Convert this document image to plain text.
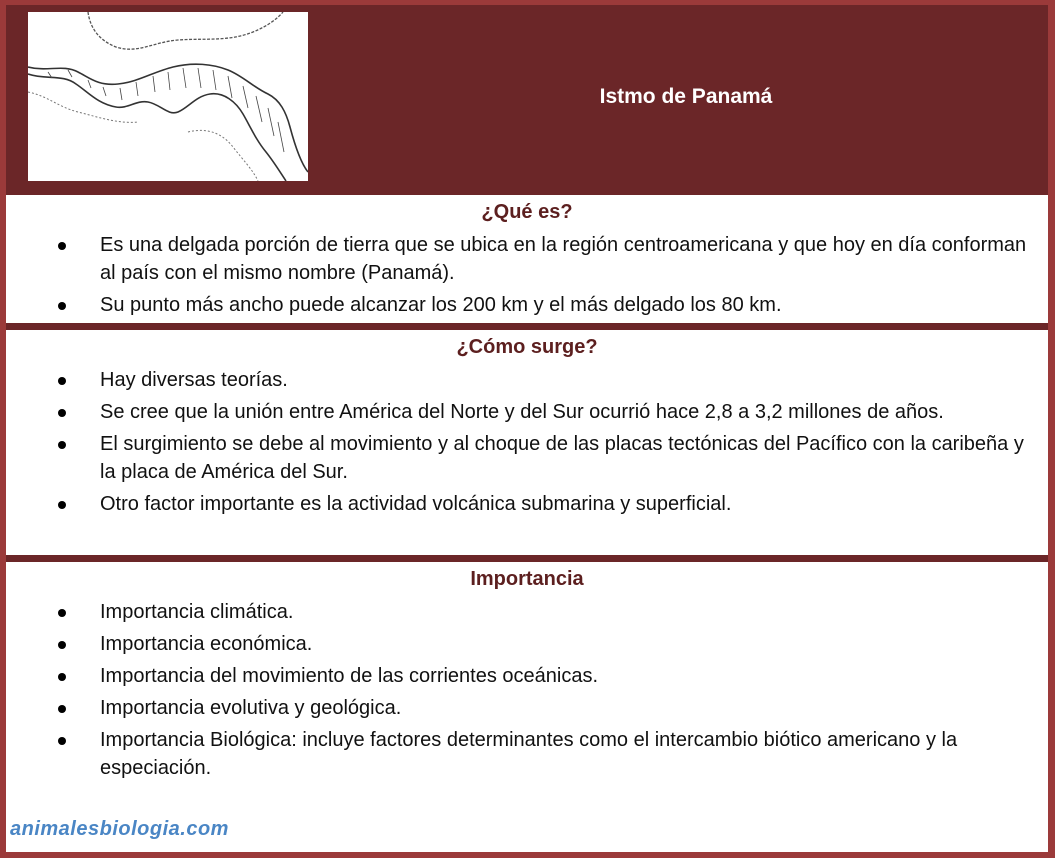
Istmo de Panamá
¿Qué es?
Es una delgada porción de tierra que se ubica en la región centroamericana y que hoy en día conforman al país con el mismo nombre (Panamá).
Su punto más ancho puede alcanzar los 200 km y el más delgado los 80 km.
¿Cómo surge?
Hay diversas teorías.
Se cree que la unión entre América del Norte y del Sur ocurrió hace 2,8 a 3,2 millones de años.
El surgimiento se debe al movimiento y al choque de las placas tectónicas del Pacífico con la caribeña y la placa de América del Sur.
Otro factor importante es la actividad volcánica submarina y superficial.
Importancia
Importancia climática.
Importancia económica.
Importancia del movimiento de las corrientes oceánicas.
Importancia evolutiva y geológica.
Importancia Biológica: incluye factores determinantes como el intercambio biótico americano y la especiación.
animalesbiologia.com
